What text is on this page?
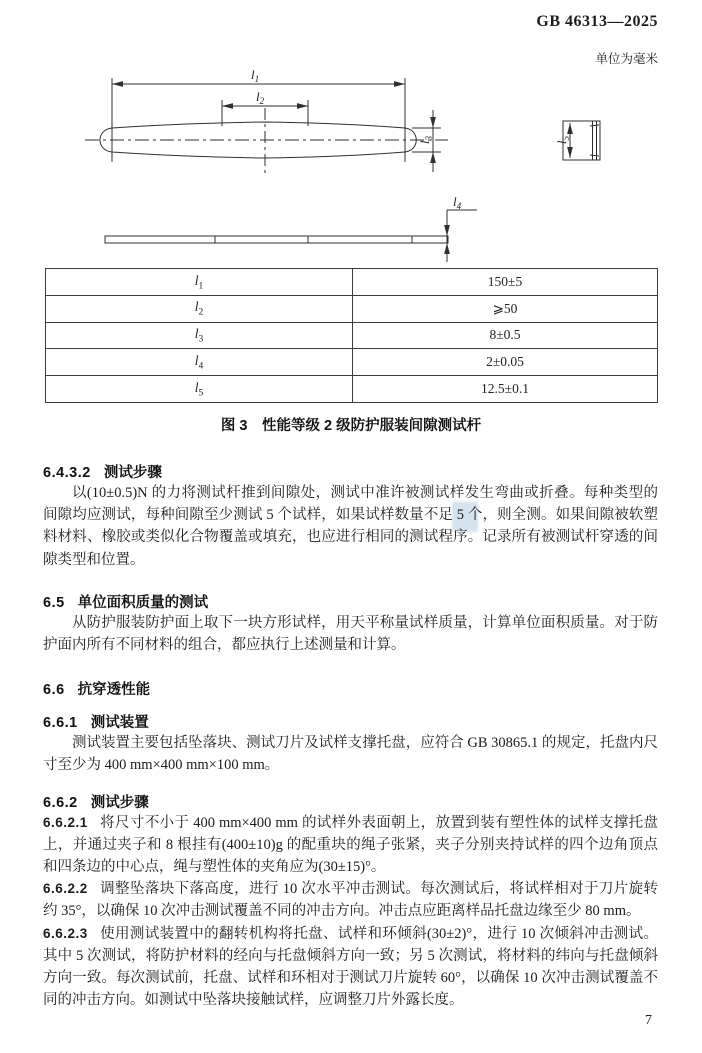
GB 46313—2025
单位为毫米
$l_1$
$l_2$
$l_3$
$l_4$
$l_5$
$l_1$	150±5
$l_2$	⩾50
$l_3$	8±0.5
$l_4$	2±0.05
$l_5$	12.5±0.1
图 3　性能等级 2 级防护服装间隙测试杆

6.4.3.2 测试步骤

以(10±0.5)N 的力将测试杆推到间隙处，测试中准许被测试样发生弯曲或折叠。每种类型的间隙均应测试，每种间隙至少测试 5 个试样，如果试样数量不足 5 个，则全测。如果间隙被软塑料材料、橡胶或类似化合物覆盖或填充，也应进行相同的测试程序。记录所有被测试杆穿透的间隙类型和位置。

6.5 单位面积质量的测试

从防护服装防护面上取下一块方形试样，用天平称量试样质量，计算单位面积质量。对于防护面内所有不同材料的组合，都应执行上述测量和计算。

6.6 抗穿透性能

6.6.1 测试装置

测试装置主要包括坠落块、测试刀片及试样支撑托盘，应符合 GB 30865.1 的规定，托盘内尺寸至少为 400 mm×400 mm×100 mm。

6.6.2 测试步骤

6.6.2.1 将尺寸不小于 400 mm×400 mm 的试样外表面朝上，放置到装有塑性体的试样支撑托盘上，并通过夹子和 8 根挂有(400±10)g 的配重块的绳子张紧，夹子分别夹持试样的四个边角顶点和四条边的中心点，绳与塑性体的夹角应为(30±15)°。

6.6.2.2 调整坠落块下落高度，进行 10 次水平冲击测试。每次测试后，将试样相对于刀片旋转约 35°，以确保 10 次冲击测试覆盖不同的冲击方向。冲击点应距离样品托盘边缘至少 80 mm。

6.6.2.3 使用测试装置中的翻转机构将托盘、试样和环倾斜(30±2)°，进行 10 次倾斜冲击测试。其中 5 次测试，将防护材料的经向与托盘倾斜方向一致；另 5 次测试，将材料的纬向与托盘倾斜方向一致。每次测试前，托盘、试样和环相对于测试刀片旋转 60°，以确保 10 次冲击测试覆盖不同的冲击方向。如测试中坠落块接触试样，应调整刀片外露长度。

7
